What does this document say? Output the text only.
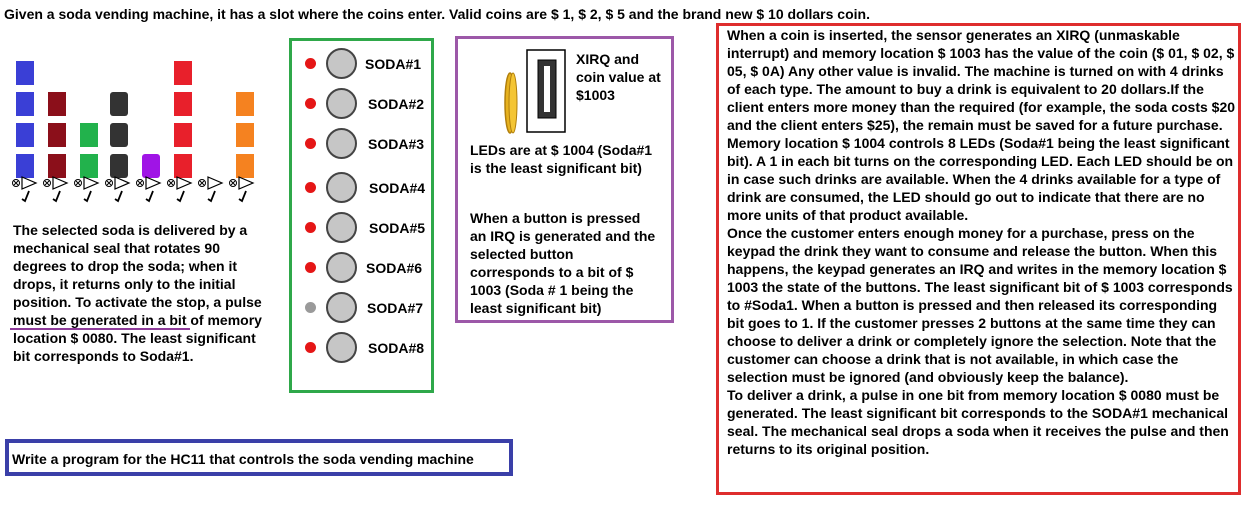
Given a soda vending machine, it has a slot where the coins enter. Valid coins are $ 1, $ 2, $ 5 and the brand new $ 10 dollars coin.
The selected soda is delivered by a mechanical seal that rotates 90 degrees to drop the soda; when it drops, it returns only to the initial position. To activate the stop, a pulse must be generated in a bit of memory location $ 0080. The least significant bit corresponds to Soda#1.
SODA#1
SODA#2
SODA#3
SODA#4
SODA#5
SODA#6
SODA#7
SODA#8
XIRQ and coin value at $1003
LEDs are at $ 1004 (Soda#1 is the least significant bit)
When a button is pressed an IRQ is generated and the selected button corresponds to a bit of $ 1003 (Soda # 1 being the least significant bit)

When a coin is inserted, the sensor generates an XIRQ (unmaskable interrupt) and memory location $ 1003 has the value of the coin ($ 01, $ 02, $ 05, $ 0A) Any other value is invalid. The machine is turned on with 4 drinks of each type. The amount to buy a drink is equivalent to 20 dollars.If the client enters more money than the required (for example, the soda costs $20 and the client enters $25), the remain must be saved for a future purchase.

Memory location $ 1004 controls 8 LEDs (Soda#1 being the least significant bit). A 1 in each bit turns on the corresponding LED. Each LED should be on in case such drinks are available. When the 4 drinks available for a type of drink are consumed, the LED should go out to indicate that there are no more units of that product available.

Once the customer enters enough money for a purchase, press on the keypad the drink they want to consume and release the button. When this happens, the keypad generates an IRQ and writes in the memory location $ 1003 the state of the buttons. The least significant bit of $ 1003 corresponds to #Soda1. When a button is pressed and then released its corresponding bit goes to 1. If the customer presses 2 buttons at the same time they can choose to deliver a drink or completely ignore the selection. Note that the customer can choose a drink that is not available, in which case the selection must be ignored (and obviously keep the balance).

To deliver a drink, a pulse in one bit from memory location $ 0080 must be generated. The least significant bit corresponds to the SODA#1 mechanical seal. The mechanical seal drops a soda when it receives the pulse and then returns to its original position.

Write a program for the HC11 that controls the soda vending machine
